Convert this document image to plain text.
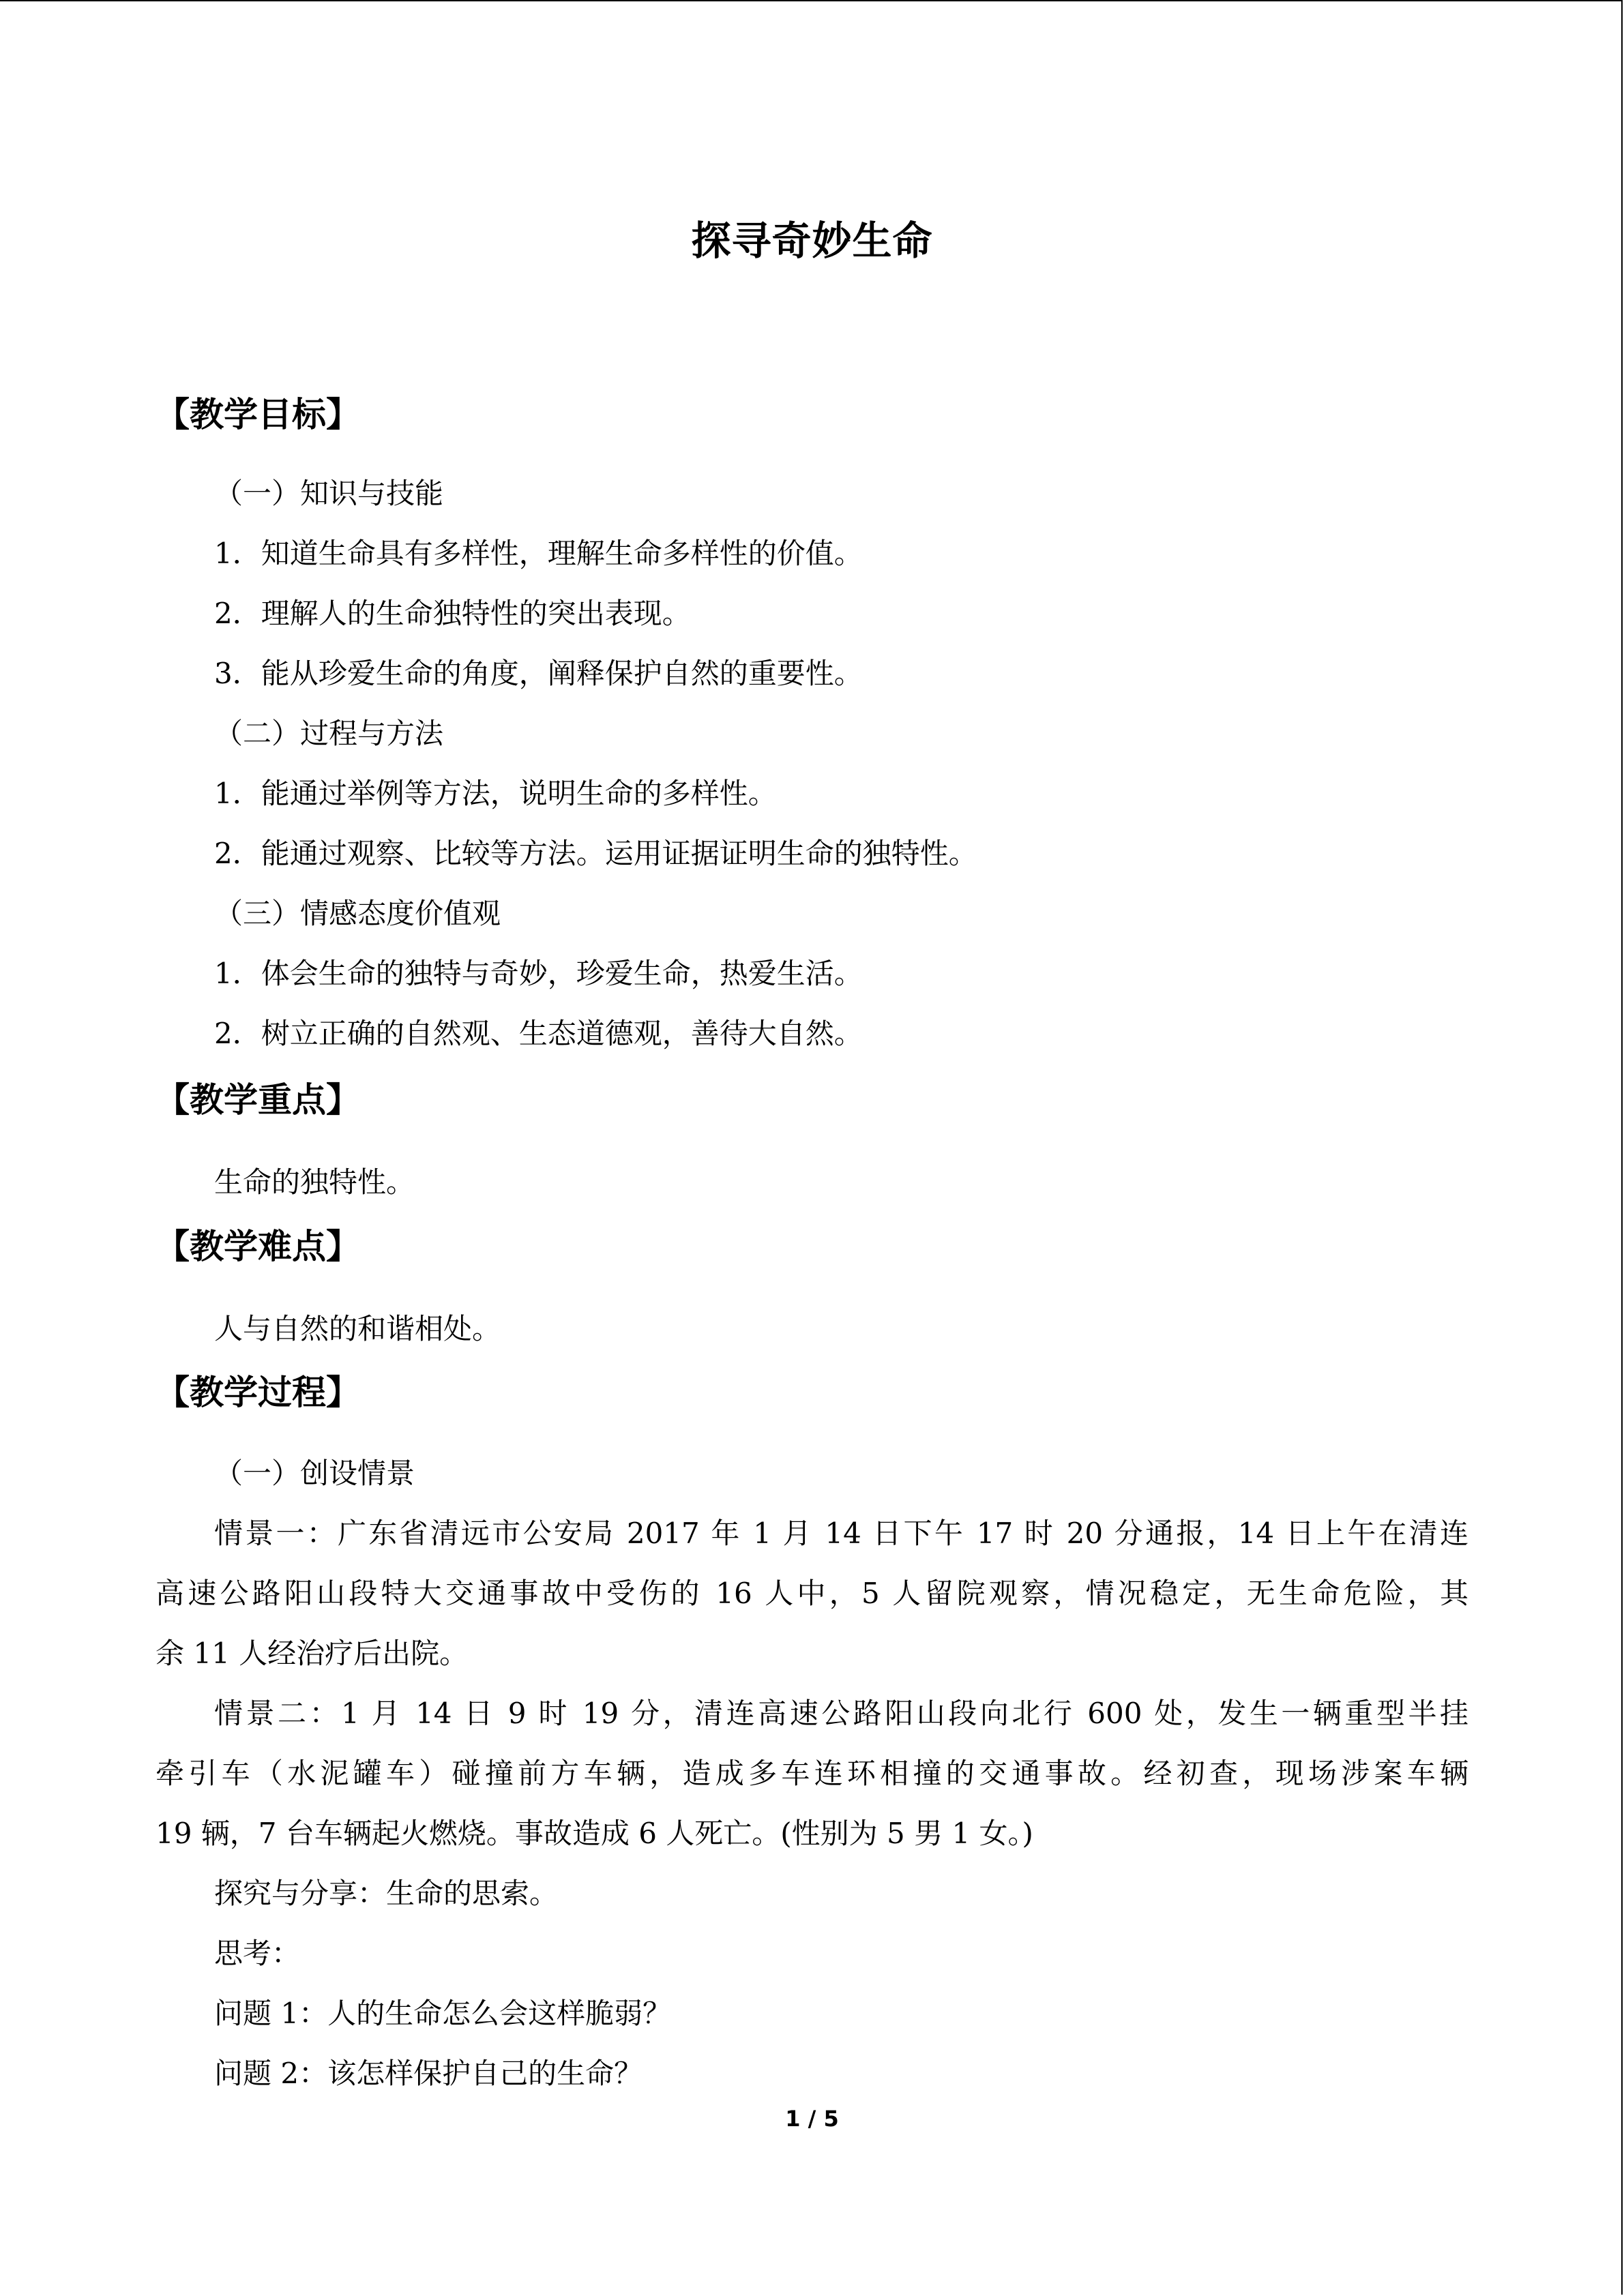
探寻奇妙生命
【教学目标】
（一）知识与技能
1．知道生命具有多样性，理解生命多样性的价值。
2．理解人的生命独特性的突出表现。
3．能从珍爱生命的角度，阐释保护自然的重要性。
（二）过程与方法
1．能通过举例等方法，说明生命的多样性。
2．能通过观察、比较等方法。运用证据证明生命的独特性。
（三）情感态度价值观
1．体会生命的独特与奇妙，珍爱生命，热爱生活。
2．树立正确的自然观、生态道德观，善待大自然。
【教学重点】
生命的独特性。
【教学难点】
人与自然的和谐相处。
【教学过程】
（一）创设情景
情景一：广东省清远市公安局 2017 年 1 月 14 日下午 17 时 20 分通报，14 日上午在清连
高速公路阳山段特大交通事故中受伤的 16 人中，5 人留院观察，情况稳定，无生命危险，其
余 11 人经治疗后出院。
情景二：1 月 14 日 9 时 19 分，清连高速公路阳山段向北行 600 处，发生一辆重型半挂
牵引车（水泥罐车）碰撞前方车辆，造成多车连环相撞的交通事故。经初查，现场涉案车辆
19 辆，7 台车辆起火燃烧。事故造成 6 人死亡。(性别为 5 男 1 女。)
探究与分享：生命的思索。
思考：
问题 1：人的生命怎么会这样脆弱？
问题 2：该怎样保护自己的生命？
1 / 5
